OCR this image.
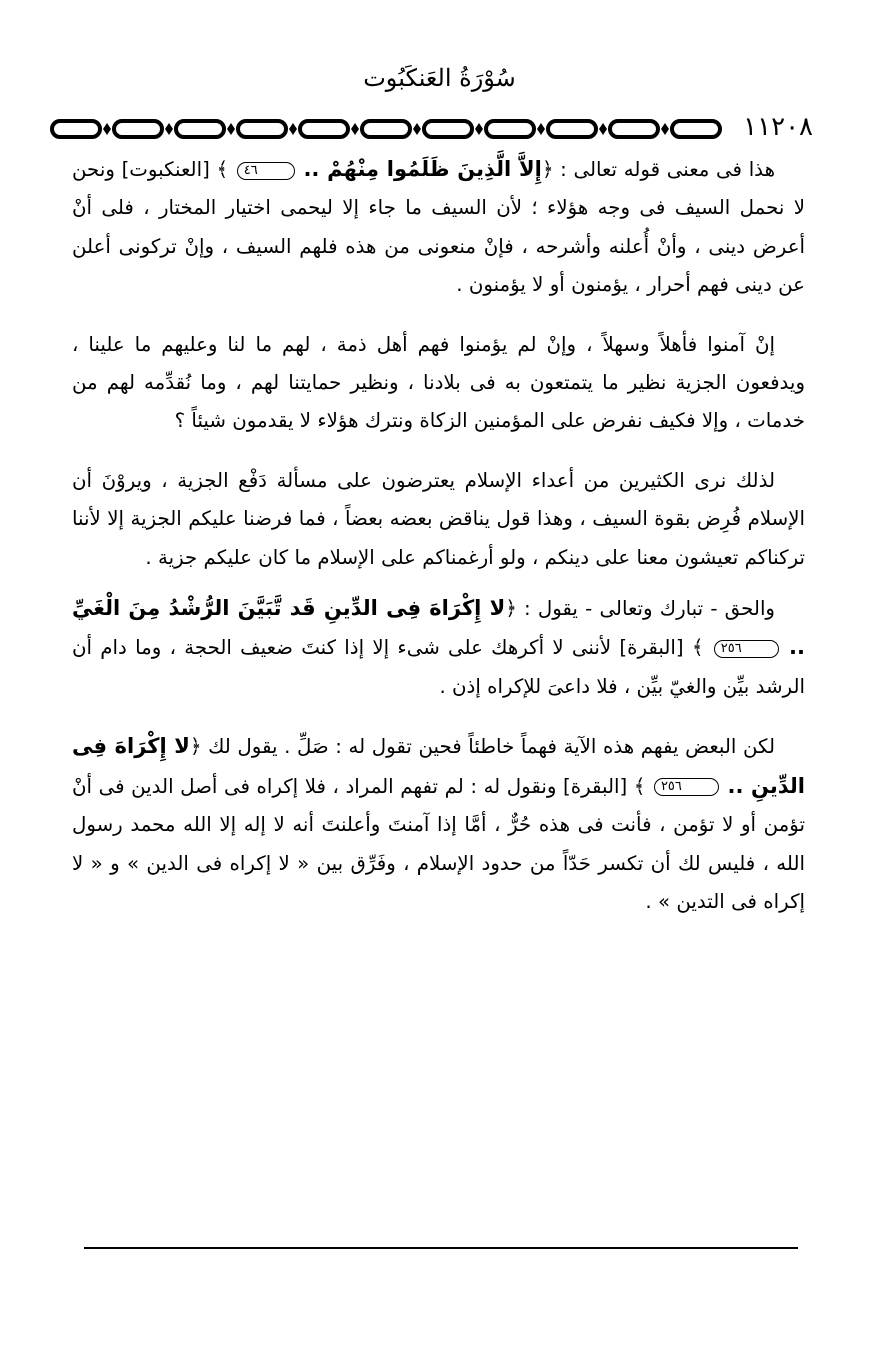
سُوْرَةُ العَنكَبُوت
١١٢٠٨

هذا فى معنى قوله تعالى : ﴿إِلاَّ الَّذِينَ ظَلَمُوا مِنْهُمْ .. ٤٦ ﴾ [العنكبوت] ونحن لا نحمل السيف فى وجه هؤلاء ؛ لأن السيف ما جاء إلا ليحمى اختيار المختار ، فلى أنْ أعرض دينى ، وأنْ أُعلنه وأشرحه ، فإنْ منعونى من هذه فلهم السيف ، وإنْ تركونى أعلن عن دينى فهم أحرار ، يؤمنون أو لا يؤمنون .

إنْ آمنوا فأهلاً وسهلاً ، وإنْ لم يؤمنوا فهم أهل ذمة ، لهم ما لنا وعليهم ما علينا ، ويدفعون الجزية نظير ما يتمتعون به فى بلادنا ، ونظير حمايتنا لهم ، وما نُقدِّمه لهم من خدمات ، وإلا فكيف نفرض على المؤمنين الزكاة ونترك هؤلاء لا يقدمون شيئاً ؟

لذلك نرى الكثيرين من أعداء الإسلام يعترضون على مسألة دَفْع الجزية ، ويروْنَ أن الإسلام فُرِض بقوة السيف ، وهذا قول يناقض بعضه بعضاً ، فما فرضنا عليكم الجزية إلا لأننا تركناكم تعيشون معنا على دينكم ، ولو أرغمناكم على الإسلام ما كان عليكم جزية .

والحق - تبارك وتعالى - يقول : ﴿لا إِكْرَاهَ فِى الدِّينِ قَد تَّبَيَّنَ الرُّشْدُ مِنَ الْغَيِّ .. ٢٥٦ ﴾ [البقرة] لأننى لا أكرهك على شىء إلا إذا كنتَ ضعيف الحجة ، وما دام أن الرشد بيِّن والغيّ بيِّن ، فلا داعىَ للإكراه إذن .

لكن البعض يفهم هذه الآية فهماً خاطئاً فحين تقول له : صَلِّ . يقول لك ﴿لا إِكْرَاهَ فِى الدِّينِ .. ٢٥٦ ﴾ [البقرة] ونقول له : لم تفهم المراد ، فلا إكراه فى أصل الدين فى أنْ تؤمن أو لا تؤمن ، فأنت فى هذه حُرٌّ ، أمَّا إذا آمنتَ وأعلنتَ أنه لا إله إلا الله محمد رسول الله ، فليس لك أن تكسر حَدّاً من حدود الإسلام ، وفَرِّق بين « لا إكراه فى الدين » و « لا إكراه فى التدين » .
